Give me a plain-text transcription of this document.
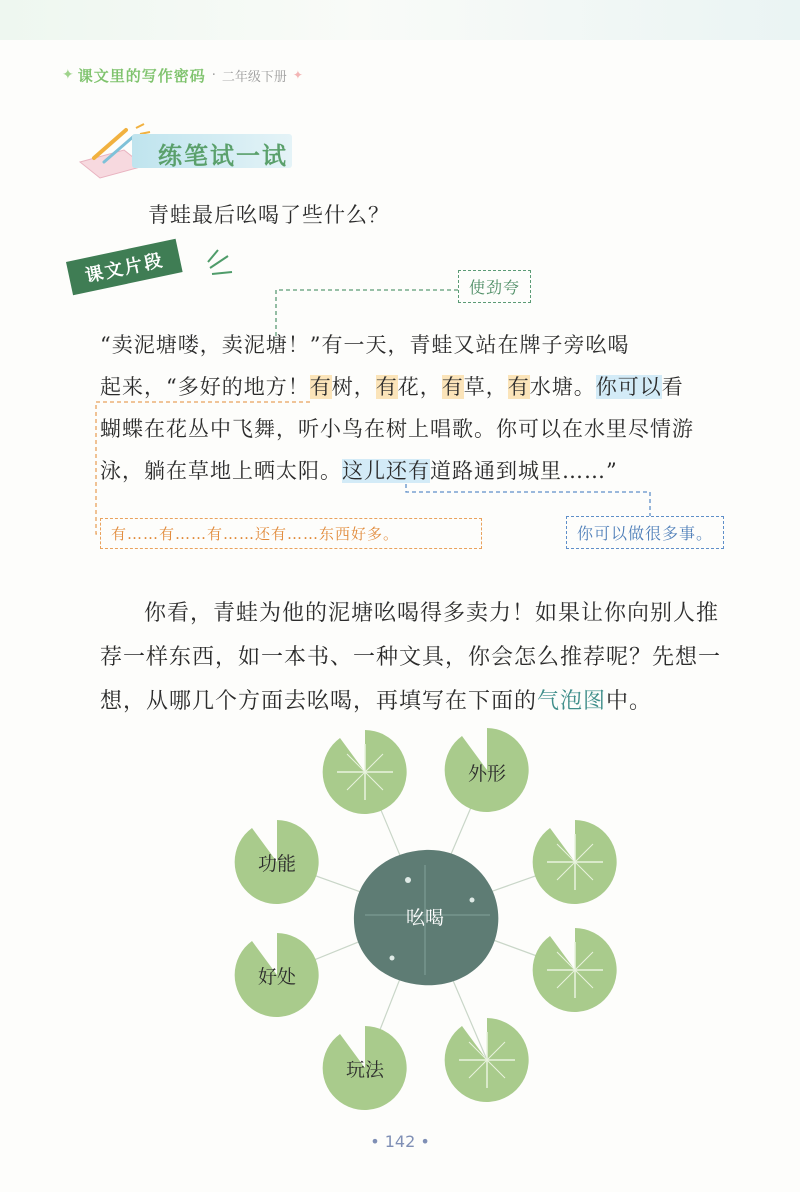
✦ 课文里的写作密码 · 二年级下册 ✦
练笔试一试
青蛙最后吆喝了些什么？
课文片段
使劲夸
“卖泥塘喽，卖泥塘！”有一天，青蛙又站在牌子旁吆喝
起来，“多好的地方！有树，有花，有草，有水塘。你可以看
蝴蝶在花丛中飞舞，听小鸟在树上唱歌。你可以在水里尽情游
泳，躺在草地上晒太阳。这儿还有道路通到城里……”
有……有……有……还有……东西好多。	你可以做很多事。
你看，青蛙为他的泥塘吆喝得多卖力！如果让你向别人推
荐一样东西，如一本书、一种文具，你会怎么推荐呢？先想一
想，从哪几个方面去吆喝，再填写在下面的气泡图中。
吆喝
外形
功能
好处
玩法
• 142 •
